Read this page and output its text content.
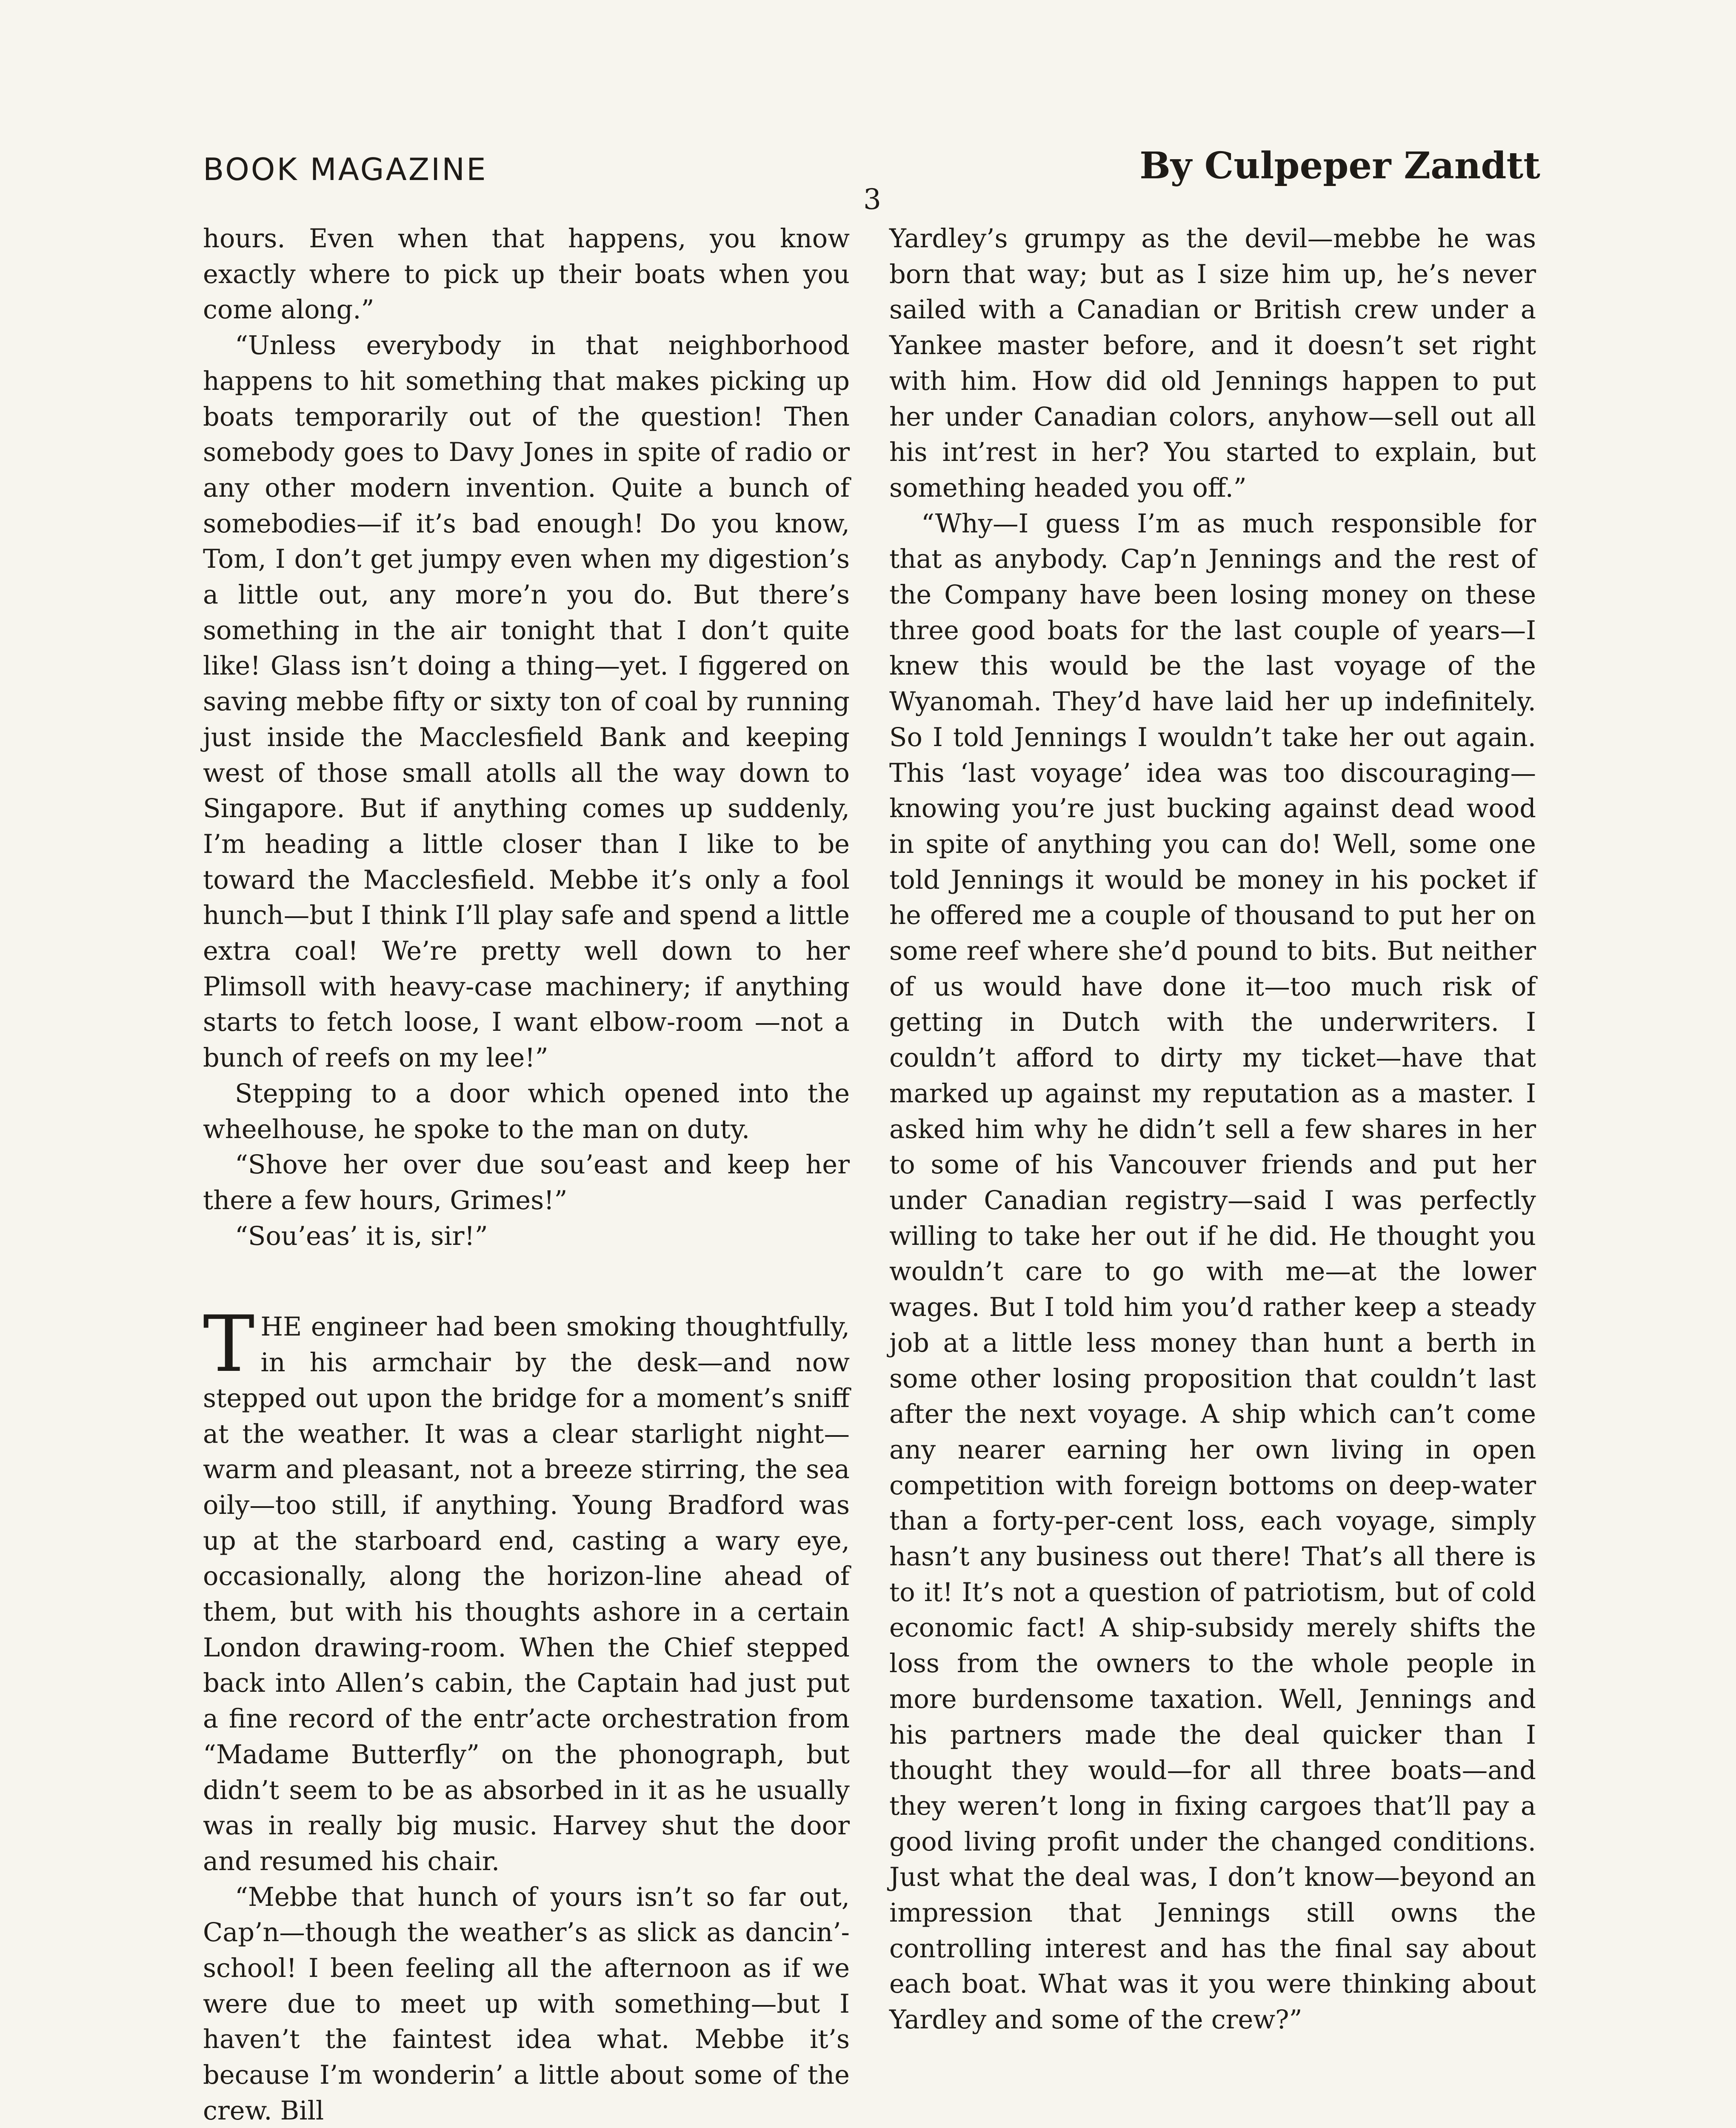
BOOK MAGAZINE	By Culpeper Zandtt
3

hours. Even when that happens, you know exactly where to pick up their boats when you come along.”

“Unless everybody in that neighborhood happens to hit something that makes picking up boats temporarily out of the question! Then somebody goes to Davy Jones in spite of radio or any other modern invention. Quite a bunch of somebodies—if it’s bad enough! Do you know, Tom, I don’t get jumpy even when my digestion’s a little out, any more’n you do. But there’s something in the air tonight that I don’t quite like! Glass isn’t doing a thing—yet. I figgered on saving mebbe fifty or sixty ton of coal by running just inside the Macclesfield Bank and keeping west of those small atolls all the way down to Singapore. But if anything comes up suddenly, I’m heading a little closer than I like to be toward the Macclesfield. Mebbe it’s only a fool hunch—but I think I’ll play safe and spend a little extra coal! We’re pretty well down to her Plimsoll with heavy-case machinery; if anything starts to fetch loose, I want elbow-room —not a bunch of reefs on my lee!”

Stepping to a door which opened into the wheelhouse, he spoke to the man on duty.

“Shove her over due sou’east and keep her there a few hours, Grimes!”

“Sou’eas’ it is, sir!”

THE engineer had been smoking thoughtfully, in his armchair by the desk—and now stepped out upon the bridge for a moment’s sniff at the weather. It was a clear starlight night—warm and pleasant, not a breeze stirring, the sea oily—too still, if anything. Young Bradford was up at the starboard end, casting a wary eye, occasionally, along the horizon-line ahead of them, but with his thoughts ashore in a certain London drawing-room. When the Chief stepped back into Allen’s cabin, the Captain had just put a fine record of the entr’acte orchestration from “Madame Butterfly” on the phonograph, but didn’t seem to be as absorbed in it as he usually was in really big music. Harvey shut the door and resumed his chair.

“Mebbe that hunch of yours isn’t so far out, Cap’n—though the weather’s as slick as dancin’-school! I been feeling all the afternoon as if we were due to meet up with something—but I haven’t the faintest idea what. Mebbe it’s because I’m wonderin’ a little about some of the crew. Bill

Yardley’s grumpy as the devil—mebbe he was born that way; but as I size him up, he’s never sailed with a Canadian or British crew under a Yankee master before, and it doesn’t set right with him. How did old Jennings happen to put her under Canadian colors, anyhow—sell out all his int’rest in her? You started to explain, but something headed you off.”

“Why—I guess I’m as much responsible for that as anybody. Cap’n Jennings and the rest of the Company have been losing money on these three good boats for the last couple of years—I knew this would be the last voyage of the Wyanomah. They’d have laid her up indefinitely. So I told Jennings I wouldn’t take her out again. This ‘last voyage’ idea was too discouraging—knowing you’re just bucking against dead wood in spite of anything you can do! Well, some one told Jennings it would be money in his pocket if he offered me a couple of thousand to put her on some reef where she’d pound to bits. But neither of us would have done it—too much risk of getting in Dutch with the underwriters. I couldn’t afford to dirty my ticket—have that marked up against my reputation as a master. I asked him why he didn’t sell a few shares in her to some of his Vancouver friends and put her under Canadian registry—said I was perfectly willing to take her out if he did. He thought you wouldn’t care to go with me—at the lower wages. But I told him you’d rather keep a steady job at a little less money than hunt a berth in some other losing proposition that couldn’t last after the next voyage. A ship which can’t come any nearer earning her own living in open competition with foreign bottoms on deep-water than a forty-per-cent loss, each voyage, simply hasn’t any business out there! That’s all there is to it! It’s not a question of patriotism, but of cold economic fact! A ship-subsidy merely shifts the loss from the owners to the whole people in more burdensome taxation. Well, Jennings and his partners made the deal quicker than I thought they would—for all three boats—and they weren’t long in fixing cargoes that’ll pay a good living profit under the changed conditions. Just what the deal was, I don’t know—beyond an impression that Jennings still owns the controlling interest and has the final say about each boat. What was it you were thinking about Yardley and some of the crew?”
